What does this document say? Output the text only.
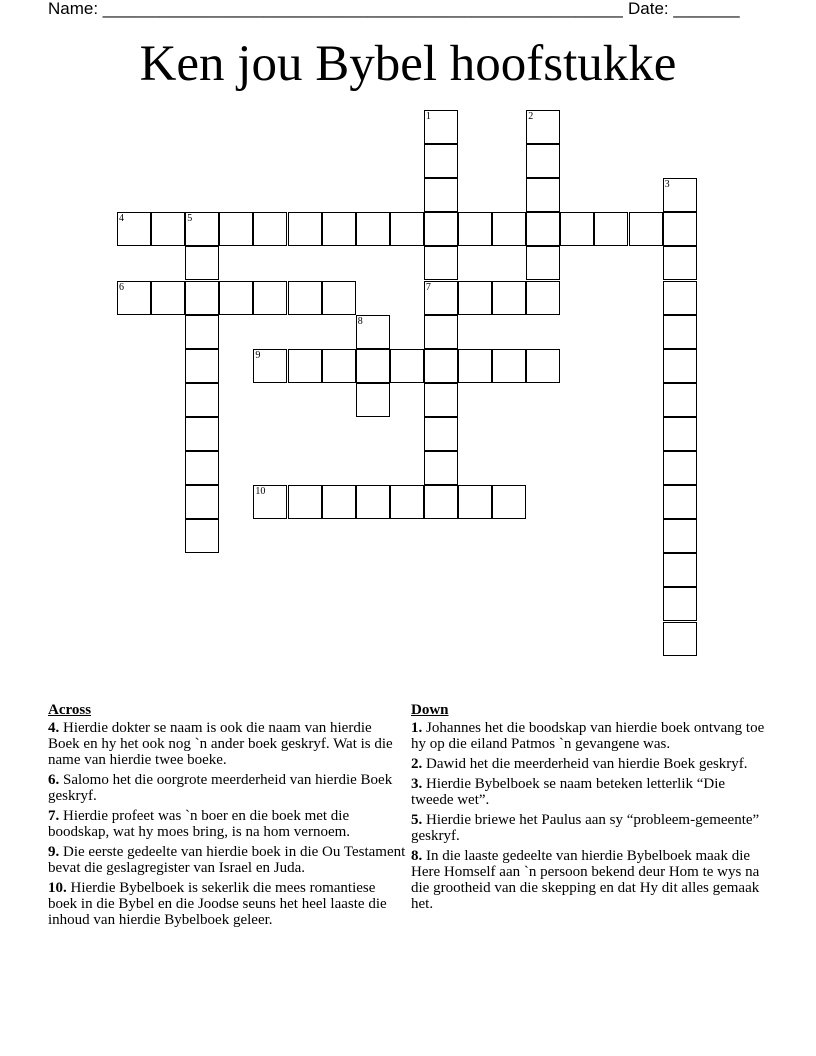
Name: _______________________________________________________ Date: _______
Ken jou Bybel hoofstukke
1
7
2
3
4	5
6
8
9
10
Across
4. Hierdie dokter se naam is ook die naam van hierdie Boek en hy het ook nog `n ander boek geskryf. Wat is die name van hierdie twee boeke.
6. Salomo het die oorgrote meerderheid van hierdie Boek geskryf.
7. Hierdie profeet was `n boer en die boek met die boodskap, wat hy moes bring, is na hom vernoem.
9. Die eerste gedeelte van hierdie boek in die Ou Testament bevat die geslagregister van Israel en Juda.
10. Hierdie Bybelboek is sekerlik die mees romantiese boek in die Bybel en die Joodse seuns het heel laaste die inhoud van hierdie Bybelboek geleer.
Down
1. Johannes het die boodskap van hierdie boek ontvang toe hy op die eiland Patmos `n gevangene was.
2. Dawid het die meerderheid van hierdie Boek geskryf.
3. Hierdie Bybelboek se naam beteken letterlik “Die tweede wet”.
5. Hierdie briewe het Paulus aan sy “probleem-gemeente” geskryf.
8. In die laaste gedeelte van hierdie Bybelboek maak die Here Homself aan `n persoon bekend deur Hom te wys na die grootheid van die skepping en dat Hy dit alles gemaak het.
